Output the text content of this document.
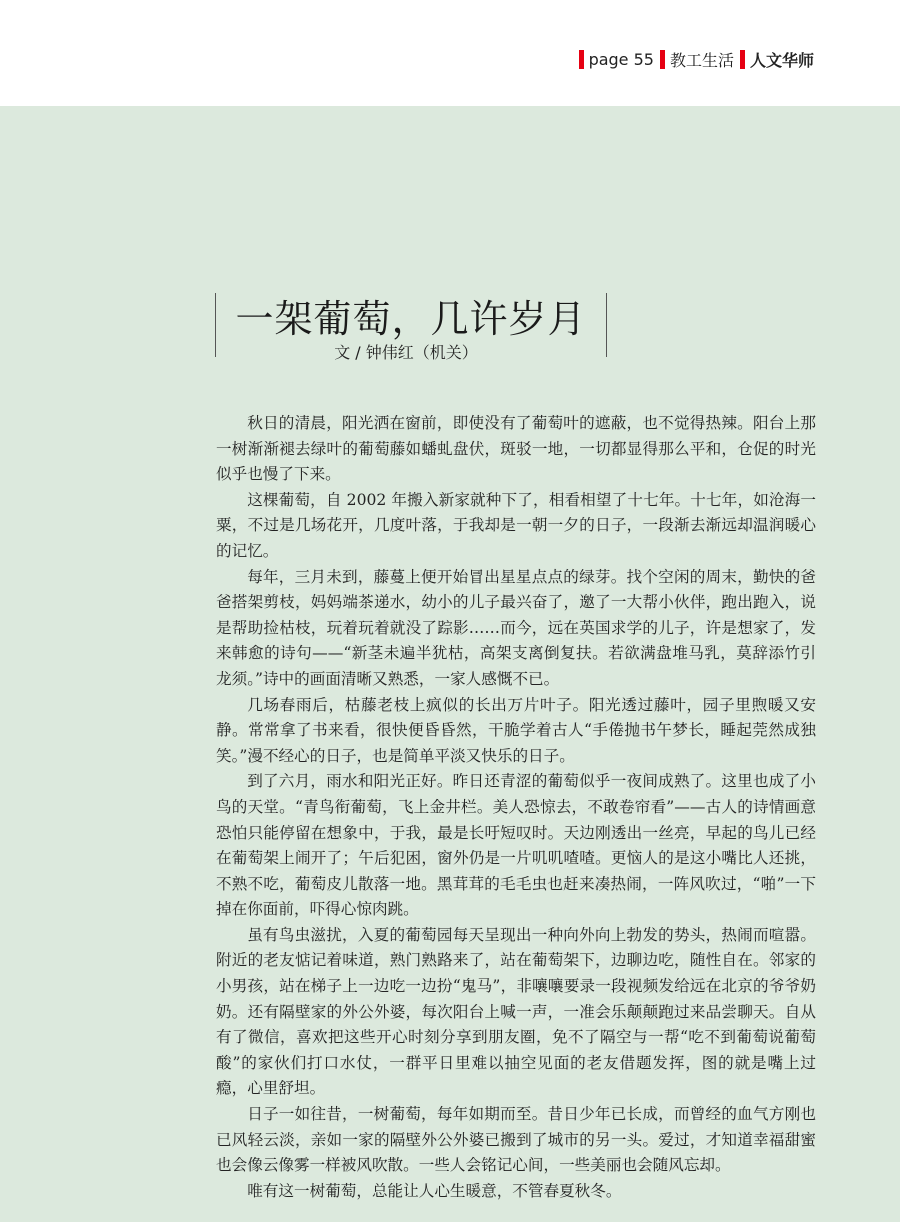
page 55 教工生活 人文华师
一架葡萄，几许岁月
文 / 钟伟红（机关）

秋日的清晨，阳光洒在窗前，即使没有了葡萄叶的遮蔽，也不觉得热辣。阳台上那一树渐渐褪去绿叶的葡萄藤如蟠虬盘伏，斑驳一地，一切都显得那么平和，仓促的时光似乎也慢了下来。

这棵葡萄，自 2002 年搬入新家就种下了，相看相望了十七年。十七年，如沧海一粟，不过是几场花开，几度叶落，于我却是一朝一夕的日子，一段渐去渐远却温润暖心的记忆。

每年，三月未到，藤蔓上便开始冒出星星点点的绿芽。找个空闲的周末，勤快的爸爸搭架剪枝，妈妈端茶递水，幼小的儿子最兴奋了，邀了一大帮小伙伴，跑出跑入，说是帮助捡枯枝，玩着玩着就没了踪影……而今，远在英国求学的儿子，许是想家了，发来韩愈的诗句——“新茎未遍半犹枯，高架支离倒复扶。若欲满盘堆马乳，莫辞添竹引龙须。”诗中的画面清晰又熟悉，一家人感慨不已。

几场春雨后，枯藤老枝上疯似的长出万片叶子。阳光透过藤叶，园子里煦暖又安静。常常拿了书来看，很快便昏昏然，干脆学着古人“手倦抛书午梦长，睡起莞然成独笑。”漫不经心的日子，也是简单平淡又快乐的日子。

到了六月，雨水和阳光正好。昨日还青涩的葡萄似乎一夜间成熟了。这里也成了小鸟的天堂。“青鸟衔葡萄，飞上金井栏。美人恐惊去，不敢卷帘看”——古人的诗情画意恐怕只能停留在想象中，于我，最是长吁短叹时。天边刚透出一丝亮，早起的鸟儿已经在葡萄架上闹开了；午后犯困，窗外仍是一片叽叽喳喳。更恼人的是这小嘴比人还挑，不熟不吃，葡萄皮儿散落一地。黑茸茸的毛毛虫也赶来凑热闹，一阵风吹过，“啪”一下掉在你面前，吓得心惊肉跳。

虽有鸟虫滋扰，入夏的葡萄园每天呈现出一种向外向上勃发的势头，热闹而喧嚣。附近的老友惦记着味道，熟门熟路来了，站在葡萄架下，边聊边吃，随性自在。邻家的小男孩，站在梯子上一边吃一边扮“鬼马”，非嚷嚷要录一段视频发给远在北京的爷爷奶奶。还有隔壁家的外公外婆，每次阳台上喊一声，一准会乐颠颠跑过来品尝聊天。自从有了微信，喜欢把这些开心时刻分享到朋友圈，免不了隔空与一帮“吃不到葡萄说葡萄酸”的家伙们打口水仗，一群平日里难以抽空见面的老友借题发挥，图的就是嘴上过瘾，心里舒坦。

日子一如往昔，一树葡萄，每年如期而至。昔日少年已长成，而曾经的血气方刚也已风轻云淡，亲如一家的隔壁外公外婆已搬到了城市的另一头。爱过，才知道幸福甜蜜也会像云像雾一样被风吹散。一些人会铭记心间，一些美丽也会随风忘却。

唯有这一树葡萄，总能让人心生暖意，不管春夏秋冬。
